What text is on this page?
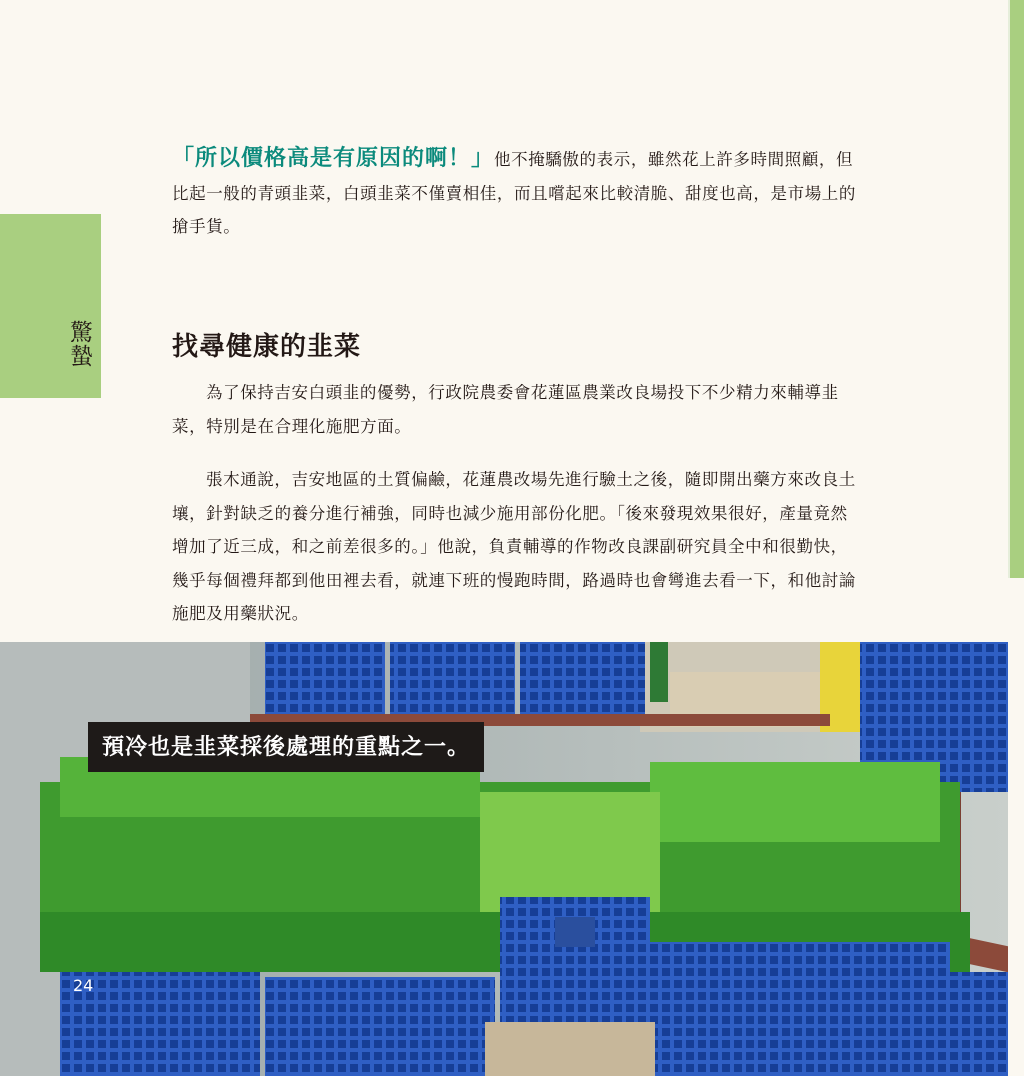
驚蟄

「所以價格高是有原因的啊！」他不掩驕傲的表示，雖然花上許多時間照顧，但比起一般的青頭韭菜，白頭韭菜不僅賣相佳，而且嚐起來比較清脆、甜度也高，是市場上的搶手貨。

找尋健康的韭菜

為了保持吉安白頭韭的優勢，行政院農委會花蓮區農業改良場投下不少精力來輔導韭菜，特別是在合理化施肥方面。

張木通說，吉安地區的土質偏鹼，花蓮農改場先進行驗土之後，隨即開出藥方來改良土壤，針對缺乏的養分進行補強，同時也減少施用部份化肥。「後來發現效果很好，產量竟然增加了近三成，和之前差很多的。」他說，負責輔導的作物改良課副研究員全中和很勤快，幾乎每個禮拜都到他田裡去看，就連下班的慢跑時間，路過時也會彎進去看一下，和他討論施肥及用藥狀況。

預冷也是韭菜採後處理的重點之一。
24
